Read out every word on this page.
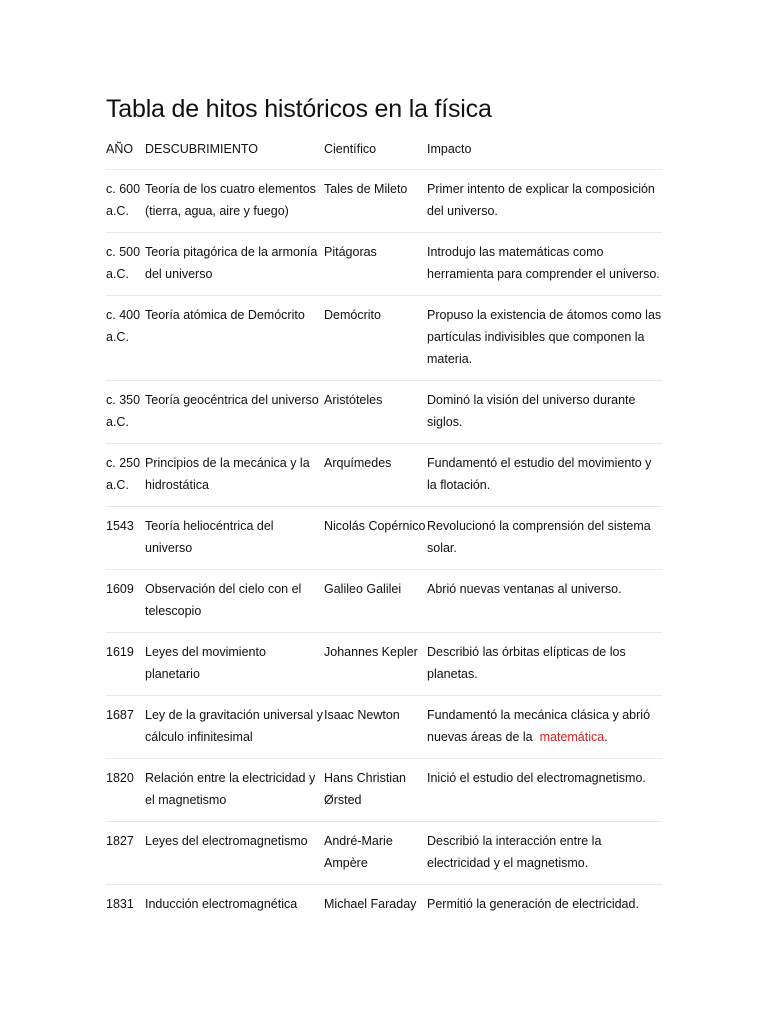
Tabla de hitos históricos en la física
AÑO	DESCUBRIMIENTO	Científico	Impacto
c. 600 a.C.	Teoría de los cuatro elementos (tierra, agua, aire y fuego)	Tales de Mileto	Primer intento de explicar la composición del universo.
c. 500 a.C.	Teoría pitagórica de la armonía del universo	Pitágoras	Introdujo las matemáticas como herramienta para comprender el universo.
c. 400 a.C.	Teoría atómica de Demócrito	Demócrito	Propuso la existencia de átomos como las partículas indivisibles que componen la materia.
c. 350 a.C.	Teoría geocéntrica del universo	Aristóteles	Dominó la visión del universo durante siglos.
c. 250 a.C.	Principios de la mecánica y la hidrostática	Arquímedes	Fundamentó el estudio del movimiento y la flotación.
1543	Teoría heliocéntrica del universo	Nicolás Copérnico	Revolucionó la comprensión del sistema solar.
1609	Observación del cielo con el telescopio	Galileo Galilei	Abrió nuevas ventanas al universo.
1619	Leyes del movimiento planetario	Johannes Kepler	Describió las órbitas elípticas de los planetas.
1687	Ley de la gravitación universal y cálculo infinitesimal	Isaac Newton	Fundamentó la mecánica clásica y abrió nuevas áreas de la matemática.
1820	Relación entre la electricidad y el magnetismo	Hans Christian Ørsted	Inició el estudio del electromagnetismo.
1827	Leyes del electromagnetismo	André-Marie Ampère	Describió la interacción entre la electricidad y el magnetismo.
1831	Inducción electromagnética	Michael Faraday	Permitió la generación de electricidad.
